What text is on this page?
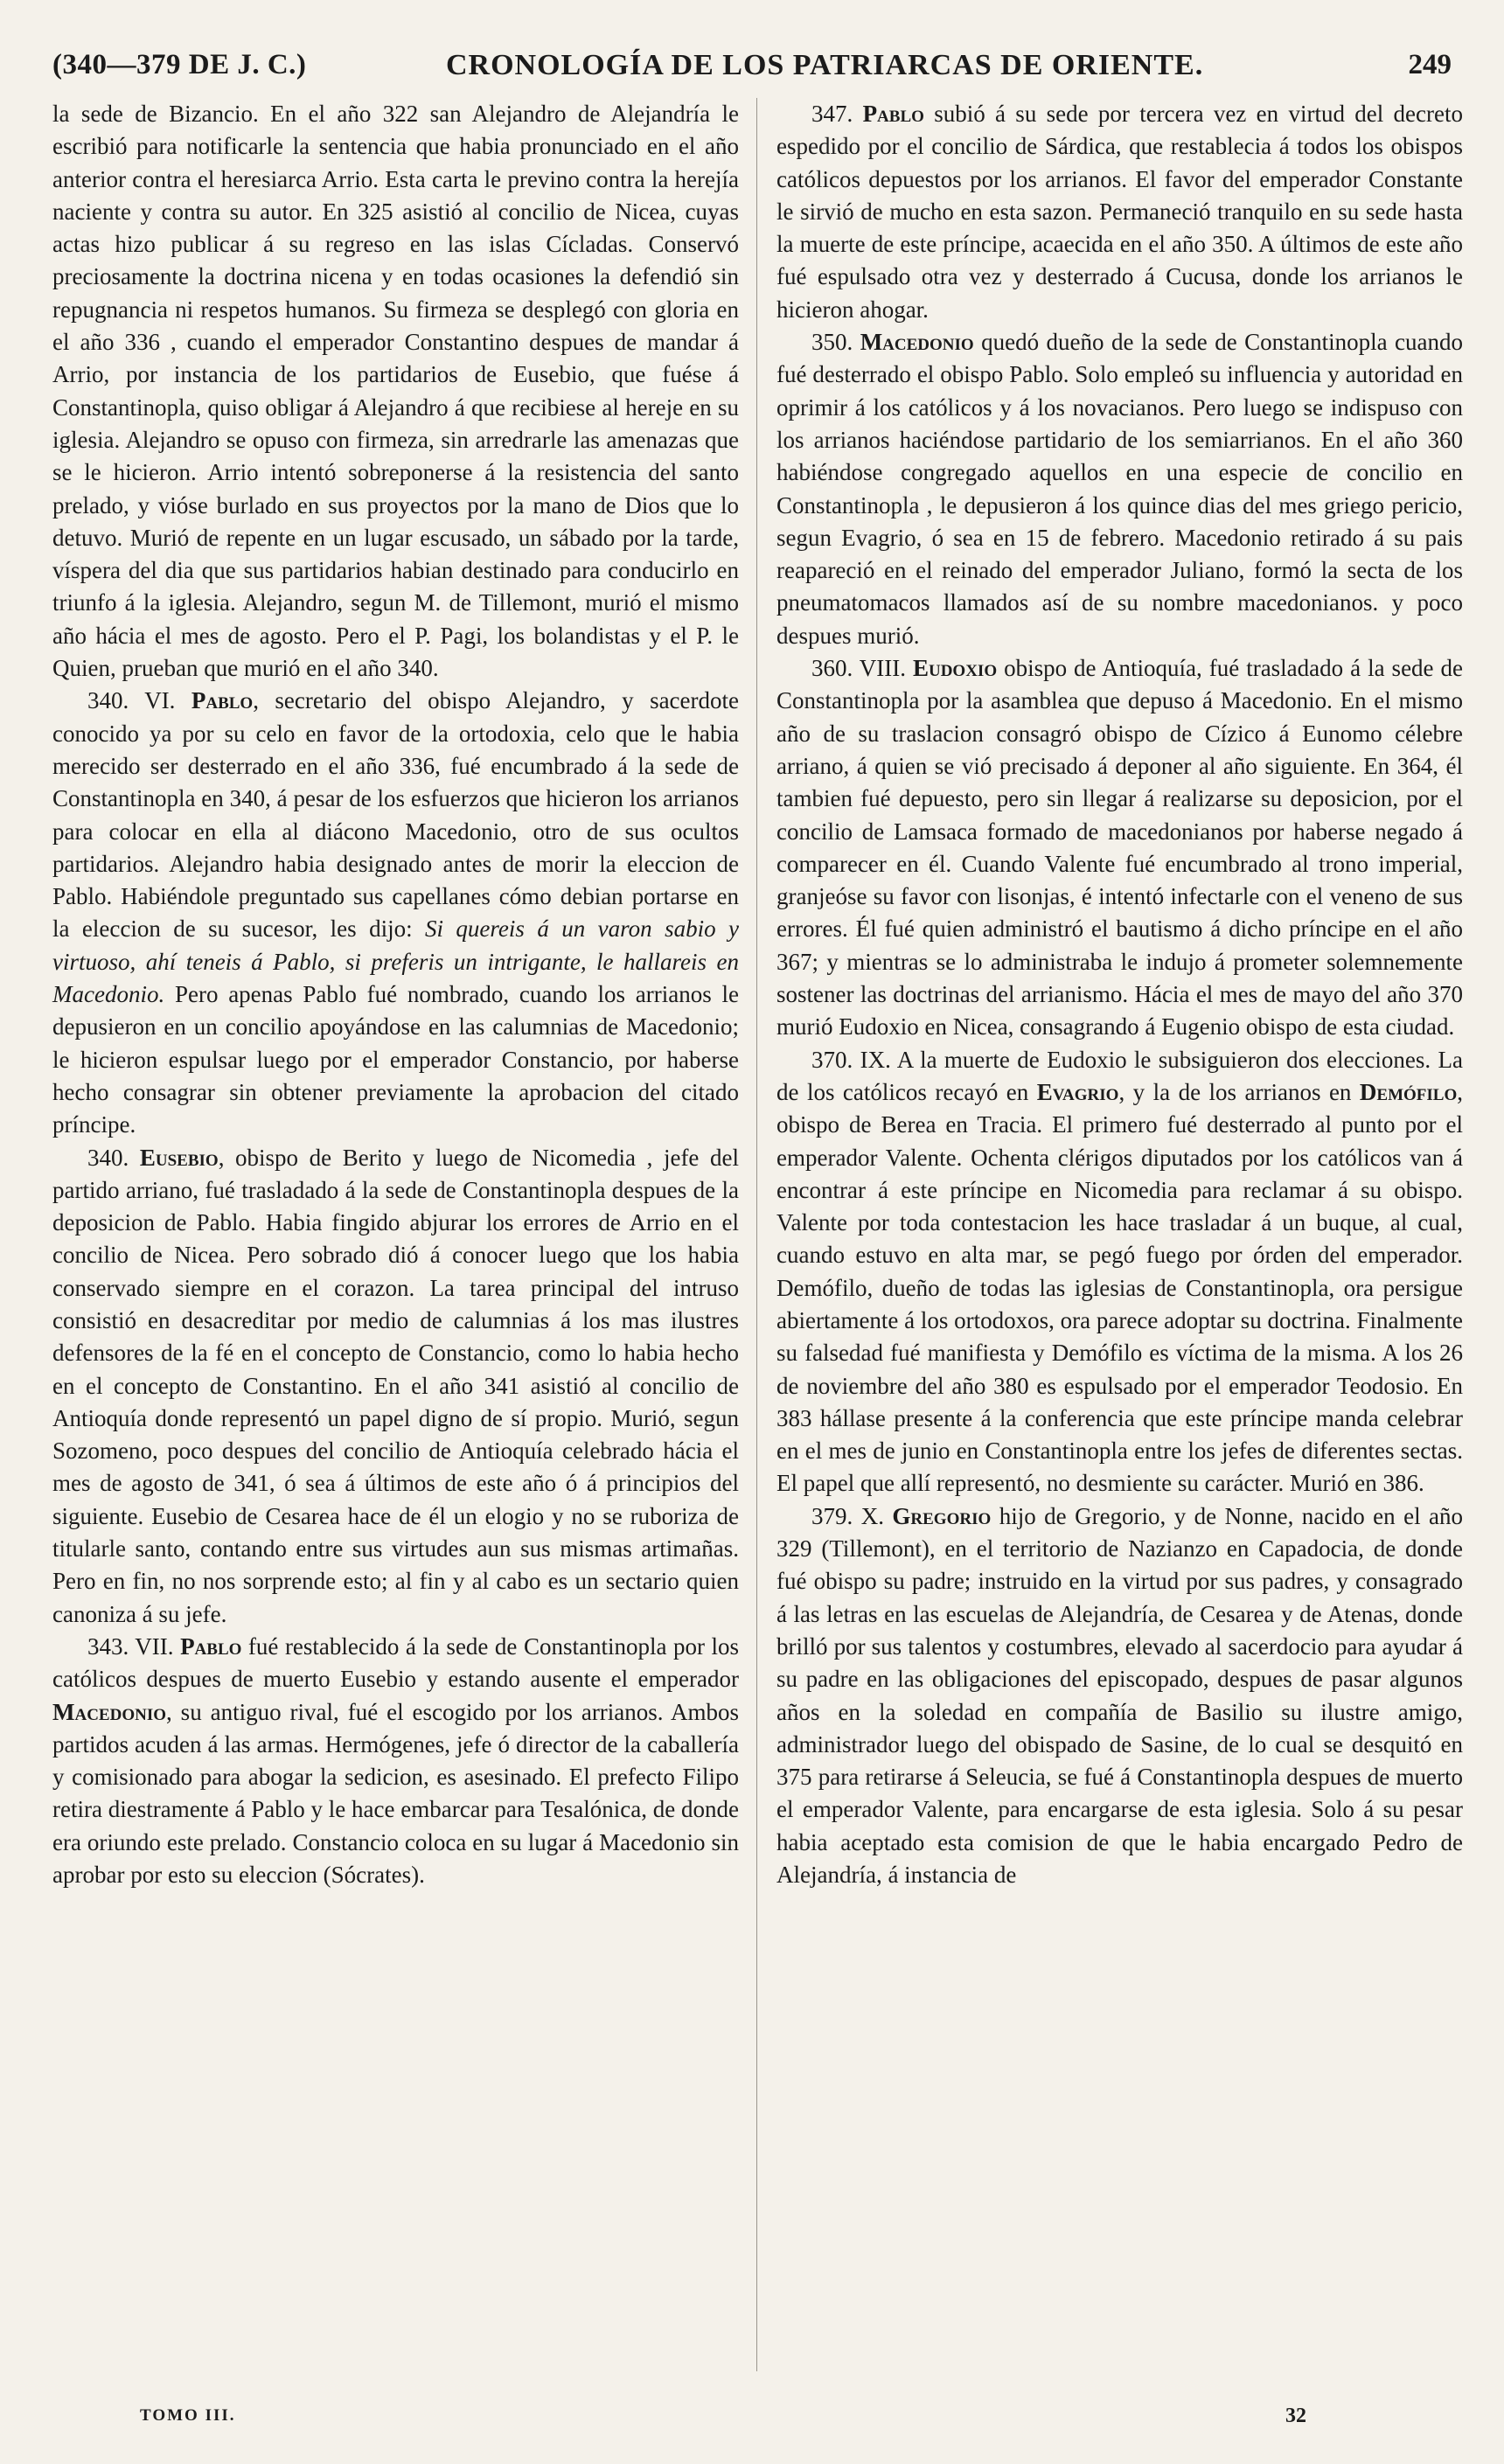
(340—379 DE J. C.)	CRONOLOGÍA DE LOS PATRIARCAS DE ORIENTE.	249

la sede de Bizancio. En el año 322 san Alejandro de Alejandría le escribió para notificarle la sentencia que habia pronunciado en el año anterior contra el heresiarca Arrio. Esta carta le previno contra la herejía naciente y contra su autor. En 325 asistió al concilio de Nicea, cuyas actas hizo publicar á su regreso en las islas Cícladas. Conservó preciosamente la doctrina nicena y en todas ocasiones la defendió sin repugnancia ni respetos humanos. Su firmeza se desplegó con gloria en el año 336 , cuando el emperador Constantino despues de mandar á Arrio, por instancia de los partidarios de Eusebio, que fuése á Constantinopla, quiso obligar á Alejandro á que recibiese al hereje en su iglesia. Alejandro se opuso con firmeza, sin arredrarle las amenazas que se le hicieron. Arrio intentó sobreponerse á la resistencia del santo prelado, y vióse burlado en sus proyectos por la mano de Dios que lo detuvo. Murió de repente en un lugar escusado, un sábado por la tarde, víspera del dia que sus partidarios habian destinado para conducirlo en triunfo á la iglesia. Alejandro, segun M. de Tillemont, murió el mismo año hácia el mes de agosto. Pero el P. Pagi, los bolandistas y el P. le Quien, prueban que murió en el año 340.

340. VI. Pablo, secretario del obispo Alejandro, y sacerdote conocido ya por su celo en favor de la ortodoxia, celo que le habia merecido ser desterrado en el año 336, fué encumbrado á la sede de Constantinopla en 340, á pesar de los esfuerzos que hicieron los arrianos para colocar en ella al diácono Macedonio, otro de sus ocultos partidarios. Alejandro habia designado antes de morir la eleccion de Pablo. Habiéndole preguntado sus capellanes cómo debian portarse en la eleccion de su sucesor, les dijo: Si quereis á un varon sabio y virtuoso, ahí teneis á Pablo, si preferis un intrigante, le hallareis en Macedonio. Pero apenas Pablo fué nombrado, cuando los arrianos le depusieron en un concilio apoyándose en las calumnias de Macedonio; le hicieron espulsar luego por el emperador Constancio, por haberse hecho consagrar sin obtener previamente la aprobacion del citado príncipe.

340. Eusebio, obispo de Berito y luego de Nicomedia , jefe del partido arriano, fué trasladado á la sede de Constantinopla despues de la deposicion de Pablo. Habia fingido abjurar los errores de Arrio en el concilio de Nicea. Pero sobrado dió á conocer luego que los habia conservado siempre en el corazon. La tarea principal del intruso consistió en desacreditar por medio de calumnias á los mas ilustres defensores de la fé en el concepto de Constancio, como lo habia hecho en el concepto de Constantino. En el año 341 asistió al concilio de Antioquía donde representó un papel digno de sí propio. Murió, segun Sozomeno, poco despues del concilio de Antioquía celebrado hácia el mes de agosto de 341, ó sea á últimos de este año ó á principios del siguiente. Eusebio de Cesarea hace de él un elogio y no se ruboriza de titularle santo, contando entre sus virtudes aun sus mismas artimañas. Pero en fin, no nos sorprende esto; al fin y al cabo es un sectario quien canoniza á su jefe.

343. VII. Pablo fué restablecido á la sede de Constantinopla por los católicos despues de muerto Eusebio y estando ausente el emperador Macedonio, su antiguo rival, fué el escogido por los arrianos. Ambos partidos acuden á las armas. Hermógenes, jefe ó director de la caballería y comisionado para abogar la sedicion, es asesinado. El prefecto Filipo retira diestramente á Pablo y le hace embarcar para Tesalónica, de donde era oriundo este prelado. Constancio coloca en su lugar á Macedonio sin aprobar por esto su eleccion (Sócrates).

347. Pablo subió á su sede por tercera vez en virtud del decreto espedido por el concilio de Sárdica, que restablecia á todos los obispos católicos depuestos por los arrianos. El favor del emperador Constante le sirvió de mucho en esta sazon. Permaneció tranquilo en su sede hasta la muerte de este príncipe, acaecida en el año 350. A últimos de este año fué espulsado otra vez y desterrado á Cucusa, donde los arrianos le hicieron ahogar.

350. Macedonio quedó dueño de la sede de Constantinopla cuando fué desterrado el obispo Pablo. Solo empleó su influencia y autoridad en oprimir á los católicos y á los novacianos. Pero luego se indispuso con los arrianos haciéndose partidario de los semiarrianos. En el año 360 habiéndose congregado aquellos en una especie de concilio en Constantinopla , le depusieron á los quince dias del mes griego pericio, segun Evagrio, ó sea en 15 de febrero. Macedonio retirado á su pais reapareció en el reinado del emperador Juliano, formó la secta de los pneumatomacos llamados así de su nombre macedonianos. y poco despues murió.

360. VIII. Eudoxio obispo de Antioquía, fué trasladado á la sede de Constantinopla por la asamblea que depuso á Macedonio. En el mismo año de su traslacion consagró obispo de Cízico á Eunomo célebre arriano, á quien se vió precisado á deponer al año siguiente. En 364, él tambien fué depuesto, pero sin llegar á realizarse su deposicion, por el concilio de Lamsaca formado de macedonianos por haberse negado á comparecer en él. Cuando Valente fué encumbrado al trono imperial, granjeóse su favor con lisonjas, é intentó infectarle con el veneno de sus errores. Él fué quien administró el bautismo á dicho príncipe en el año 367; y mientras se lo administraba le indujo á prometer solemnemente sostener las doctrinas del arrianismo. Hácia el mes de mayo del año 370 murió Eudoxio en Nicea, consagrando á Eugenio obispo de esta ciudad.

370. IX. A la muerte de Eudoxio le subsiguieron dos elecciones. La de los católicos recayó en Evagrio, y la de los arrianos en Demófilo, obispo de Berea en Tracia. El primero fué desterrado al punto por el emperador Valente. Ochenta clérigos diputados por los católicos van á encontrar á este príncipe en Nicomedia para reclamar á su obispo. Valente por toda contestacion les hace trasladar á un buque, al cual, cuando estuvo en alta mar, se pegó fuego por órden del emperador. Demófilo, dueño de todas las iglesias de Constantinopla, ora persigue abiertamente á los ortodoxos, ora parece adoptar su doctrina. Finalmente su falsedad fué manifiesta y Demófilo es víctima de la misma. A los 26 de noviembre del año 380 es espulsado por el emperador Teodosio. En 383 hállase presente á la conferencia que este príncipe manda celebrar en el mes de junio en Constantinopla entre los jefes de diferentes sectas. El papel que allí representó, no desmiente su carácter. Murió en 386.

379. X. Gregorio hijo de Gregorio, y de Nonne, nacido en el año 329 (Tillemont), en el territorio de Nazianzo en Capadocia, de donde fué obispo su padre; instruido en la virtud por sus padres, y consagrado á las letras en las escuelas de Alejandría, de Cesarea y de Atenas, donde brilló por sus talentos y costumbres, elevado al sacerdocio para ayudar á su padre en las obligaciones del episcopado, despues de pasar algunos años en la soledad en compañía de Basilio su ilustre amigo, administrador luego del obispado de Sasine, de lo cual se desquitó en 375 para retirarse á Seleucia, se fué á Constantinopla despues de muerto el emperador Valente, para encargarse de esta iglesia. Solo á su pesar habia aceptado esta comision de que le habia encargado Pedro de Alejandría, á instancia de

TOMO III.	32
